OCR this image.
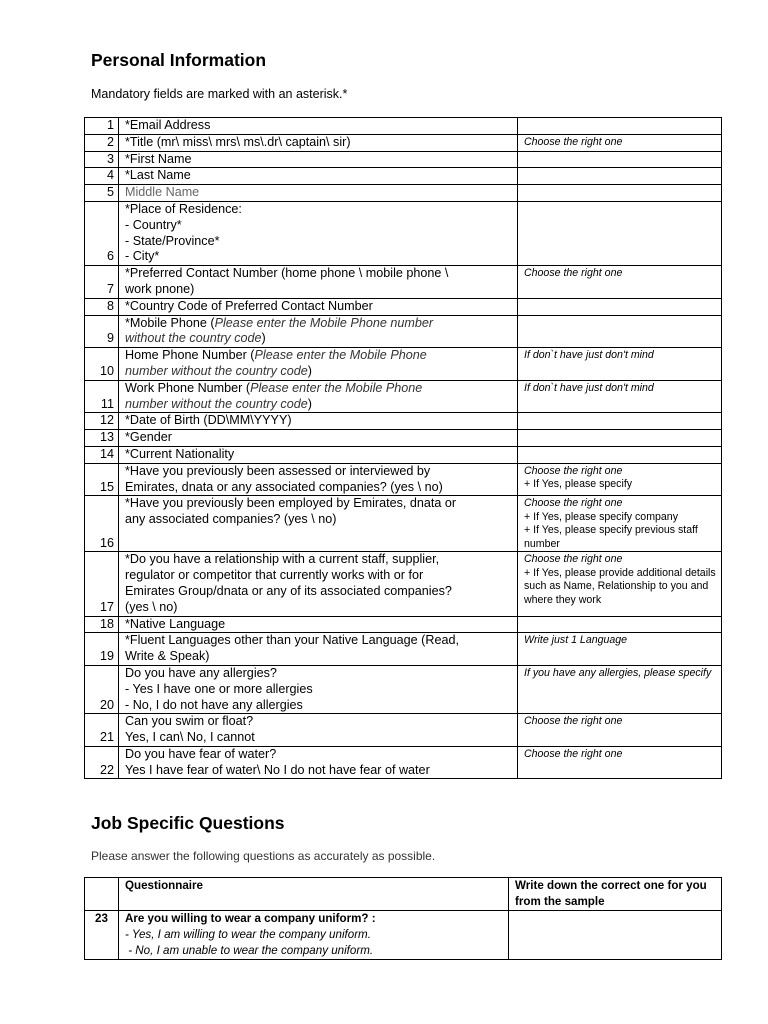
Personal Information
Mandatory fields are marked with an asterisk.*
1	*Email Address	

2	*Title (mr\ miss\ mrs\ ms\.dr\ captain\ sir)	Choose the right one

3	*First Name	

4	*Last Name	

5	Middle Name	

6	*Place of Residence:
- Country*
- State/Province*
- City*	

7	*Preferred Contact Number (home phone \ mobile phone \
work pnone)	Choose the right one

8	*Country Code of Preferred Contact Number	

9	*Mobile Phone (Please enter the Mobile Phone number
without the country code)	

10	Home Phone Number (Please enter the Mobile Phone
number without the country code)	If don`t have just don't mind

11	Work Phone Number (Please enter the Mobile Phone
number without the country code)	If don`t have just don't mind

12	*Date of Birth (DD\MM\YYYY)	

13	*Gender	

14	*Current Nationality	

15	*Have you previously been assessed or interviewed by
Emirates, dnata or any associated companies? (yes \ no)	Choose the right one
+ If Yes, please specify

16	*Have you previously been employed by Emirates, dnata or
any associated companies? (yes \ no)	Choose the right one
+ If Yes, please specify company
+ If Yes, please specify previous staff number

17	*Do you have a relationship with a current staff, supplier,
regulator or competitor that currently works with or for
Emirates Group/dnata or any of its associated companies?
(yes \ no)	Choose the right one
+ If Yes, please provide additional details such as Name, Relationship to you and where they work

18	*Native Language	

19	*Fluent Languages other than your Native Language (Read,
Write & Speak)	Write just 1 Language

20	Do you have any allergies?
- Yes I have one or more allergies
- No, I do not have any allergies	If you have any allergies, please specify

21	Can you swim or float?
Yes, I can\ No, I cannot	Choose the right one

22	Do you have fear of water?
Yes I have fear of water\ No I do not have fear of water	Choose the right one
Job Specific Questions
Please answer the following questions as accurately as possible.
	Questionnaire	Write down the correct one for you from the sample
23	Are you willing to wear a company uniform? :
- Yes, I am willing to wear the company uniform.
- No, I am unable to wear the company uniform.	
